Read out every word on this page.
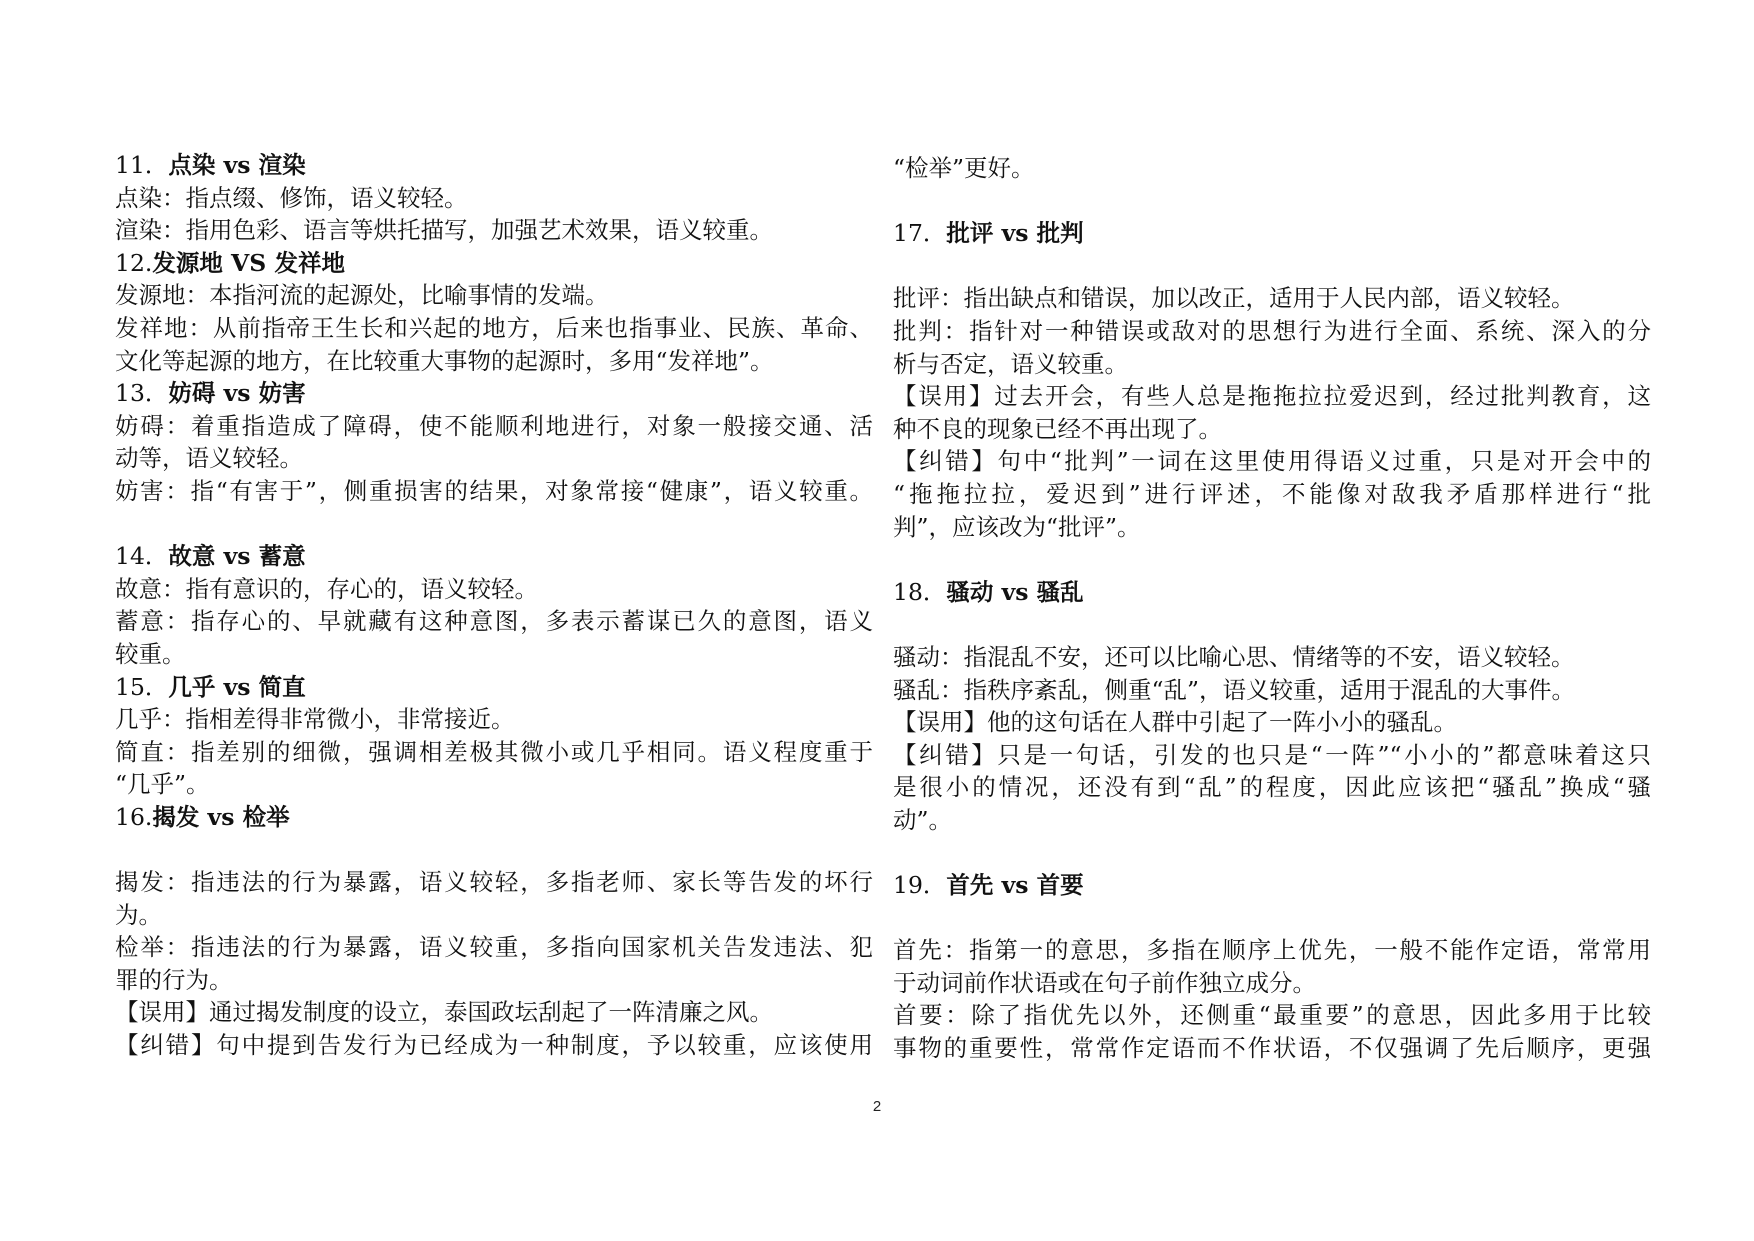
11．点染 vs 渲染
点染：指点缀、修饰，语义较轻。
渲染：指用色彩、语言等烘托描写，加强艺术效果，语义较重。
12.发源地 VS 发祥地
发源地：本指河流的起源处，比喻事情的发端。
发祥地：从前指帝王生长和兴起的地方，后来也指事业、民族、革命、
文化等起源的地方，在比较重大事物的起源时，多用“发祥地”。
13．妨碍 vs 妨害
妨碍：着重指造成了障碍，使不能顺利地进行，对象一般接交通、活
动等，语义较轻。
妨害：指“有害于”，侧重损害的结果，对象常接“健康”，语义较重。
14．故意 vs 蓄意
故意：指有意识的，存心的，语义较轻。
蓄意：指存心的、早就藏有这种意图，多表示蓄谋已久的意图，语义
较重。
15．几乎 vs 简直
几乎：指相差得非常微小，非常接近。
简直：指差别的细微，强调相差极其微小或几乎相同。语义程度重于
“几乎”。
16.揭发 vs 检举
揭发：指违法的行为暴露，语义较轻，多指老师、家长等告发的坏行
为。
检举：指违法的行为暴露，语义较重，多指向国家机关告发违法、犯
罪的行为。
【误用】通过揭发制度的设立，泰国政坛刮起了一阵清廉之风。
【纠错】句中提到告发行为已经成为一种制度，予以较重，应该使用
“检举”更好。
17．批评 vs 批判
批评：指出缺点和错误，加以改正，适用于人民内部，语义较轻。
批判：指针对一种错误或敌对的思想行为进行全面、系统、深入的分
析与否定，语义较重。
【误用】过去开会，有些人总是拖拖拉拉爱迟到，经过批判教育，这
种不良的现象已经不再出现了。
【纠错】句中“批判”一词在这里使用得语义过重，只是对开会中的
“拖拖拉拉，爱迟到”进行评述，不能像对敌我矛盾那样进行“批
判”，应该改为“批评”。
18．骚动 vs 骚乱
骚动：指混乱不安，还可以比喻心思、情绪等的不安，语义较轻。
骚乱：指秩序紊乱，侧重“乱”，语义较重，适用于混乱的大事件。
【误用】他的这句话在人群中引起了一阵小小的骚乱。
【纠错】只是一句话，引发的也只是“一阵”“小小的”都意味着这只
是很小的情况，还没有到“乱”的程度，因此应该把“骚乱”换成“骚
动”。
19．首先 vs 首要
首先：指第一的意思，多指在顺序上优先，一般不能作定语，常常用
于动词前作状语或在句子前作独立成分。
首要：除了指优先以外，还侧重“最重要”的意思，因此多用于比较
事物的重要性，常常作定语而不作状语，不仅强调了先后顺序，更强
2
